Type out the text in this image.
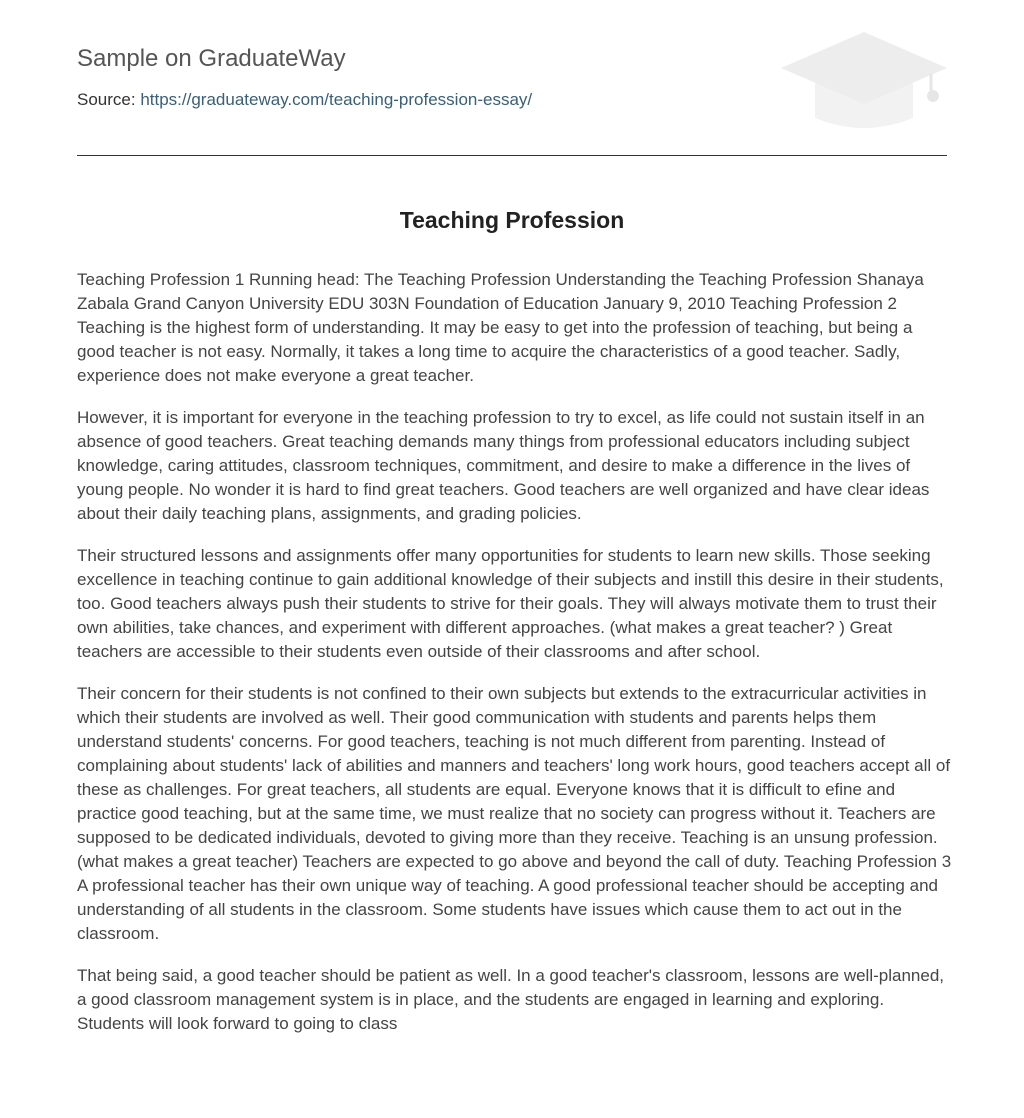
Sample on GraduateWay
Source: https://graduateway.com/teaching-profession-essay/
Teaching Profession

Teaching Profession 1 Running head: The Teaching Profession Understanding the Teaching Profession Shanaya Zabala Grand Canyon University EDU 303N Foundation of Education January 9, 2010 Teaching Profession 2 Teaching is the highest form of understanding. It may be easy to get into the profession of teaching, but being a good teacher is not easy. Normally, it takes a long time to acquire the characteristics of a good teacher. Sadly, experience does not make everyone a great teacher.

However, it is important for everyone in the teaching profession to try to excel, as life could not sustain itself in an absence of good teachers. Great teaching demands many things from professional educators including subject knowledge, caring attitudes, classroom techniques, commitment, and desire to make a difference in the lives of young people. No wonder it is hard to find great teachers. Good teachers are well organized and have clear ideas about their daily teaching plans, assignments, and grading policies.

Their structured lessons and assignments offer many opportunities for students to learn new skills. Those seeking excellence in teaching continue to gain additional knowledge of their subjects and instill this desire in their students, too. Good teachers always push their students to strive for their goals. They will always motivate them to trust their own abilities, take chances, and experiment with different approaches. (what makes a great teacher? ) Great teachers are accessible to their students even outside of their classrooms and after school.

Their concern for their students is not confined to their own subjects but extends to the extracurricular activities in which their students are involved as well. Their good communication with students and parents helps them understand students' concerns. For good teachers, teaching is not much different from parenting. Instead of complaining about students' lack of abilities and manners and teachers' long work hours, good teachers accept all of these as challenges. For great teachers, all students are equal. Everyone knows that it is difficult to efine and practice good teaching, but at the same time, we must realize that no society can progress without it. Teachers are supposed to be dedicated individuals, devoted to giving more than they receive. Teaching is an unsung profession. (what makes a great teacher) Teachers are expected to go above and beyond the call of duty. Teaching Profession 3 A professional teacher has their own unique way of teaching. A good professional teacher should be accepting and understanding of all students in the classroom. Some students have issues which cause them to act out in the classroom.

That being said, a good teacher should be patient as well. In a good teacher's classroom, lessons are well-planned, a good classroom management system is in place, and the students are engaged in learning and exploring. Students will look forward to going to class
